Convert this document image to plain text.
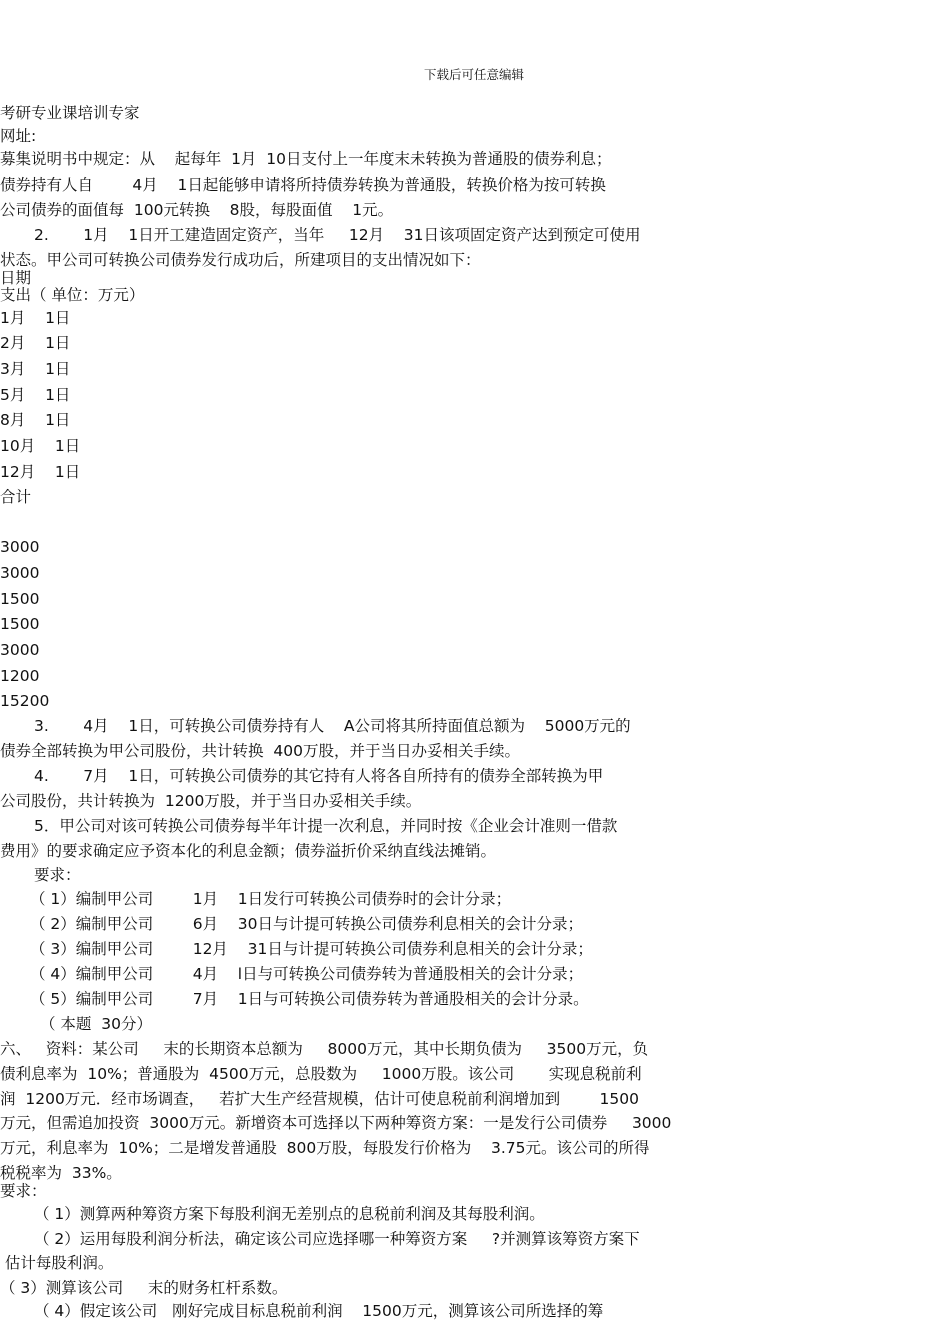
下载后可任意编辑
考研专业课培训专家
网址:
募集说明书中规定：从    起每年  1月  10日支付上一年度末未转换为普通股的债券利息；
债券持有人自        4月    1日起能够申请将所持债券转换为普通股，转换价格为按可转换
公司债券的面值每  100元转换    8股，每股面值    1元。
2.       1月    1日开工建造固定资产，当年     12月    31日该项固定资产达到预定可使用
状态。甲公司可转换公司债券发行成功后，所建项目的支出情况如下：
日期
支出（ 单位：万元）
1月    1日
2月    1日
3月    1日
5月    1日
8月    1日
10月    1日
12月    1日
合计
3000
3000
1500
1500
3000
1200
15200
3.       4月    1日，可转换公司债券持有人    A公司将其所持面值总额为    5000万元的
债券全部转换为甲公司股份，共计转换  400万股，并于当日办妥相关手续。
4.       7月    1日，可转换公司债券的其它持有人将各自所持有的债券全部转换为甲
公司股份，共计转换为  1200万股，并于当日办妥相关手续。
5．甲公司对该可转换公司债券每半年计提一次利息，并同时按《企业会计准则一借款
费用》的要求确定应予资本化的利息金额；债券溢折价采纳直线法摊销。
要求：
（ 1）编制甲公司        1月    1日发行可转换公司债券时的会计分录；
（ 2）编制甲公司        6月    30日与计提可转换公司债券利息相关的会计分录；
（ 3）编制甲公司        12月    31日与计提可转换公司债券利息相关的会计分录；
（ 4）编制甲公司        4月    l日与可转换公司债券转为普通股相关的会计分录；
（ 5）编制甲公司        7月    1日与可转换公司债券转为普通股相关的会计分录。
（ 本题  30分）
六、   资料：某公司     末的长期资本总额为     8000万元，其中长期负债为     3500万元，负
债利息率为  10%；普通股为  4500万元，总股数为     1000万股。该公司       实现息税前利
润  1200万元．经市场调查，   若扩大生产经营规模，估计可使息税前利润增加到        1500
万元，但需追加投资  3000万元。新增资本可选择以下两种筹资方案：一是发行公司债券     3000
万元，利息率为  10%；二是增发普通股  800万股，每股发行价格为    3.75元。该公司的所得
税税率为  33%。
要求：
（ 1）测算两种筹资方案下每股利润无差别点的息税前利润及其每股利润。
（ 2）运用每股利润分析法，确定该公司应选择哪一种筹资方案     ?并测算该筹资方案下
估计每股利润。
（ 3）测算该公司     末的财务杠杆系数。
（ 4）假定该公司   刚好完成目标息税前利润    1500万元，测算该公司所选择的筹
